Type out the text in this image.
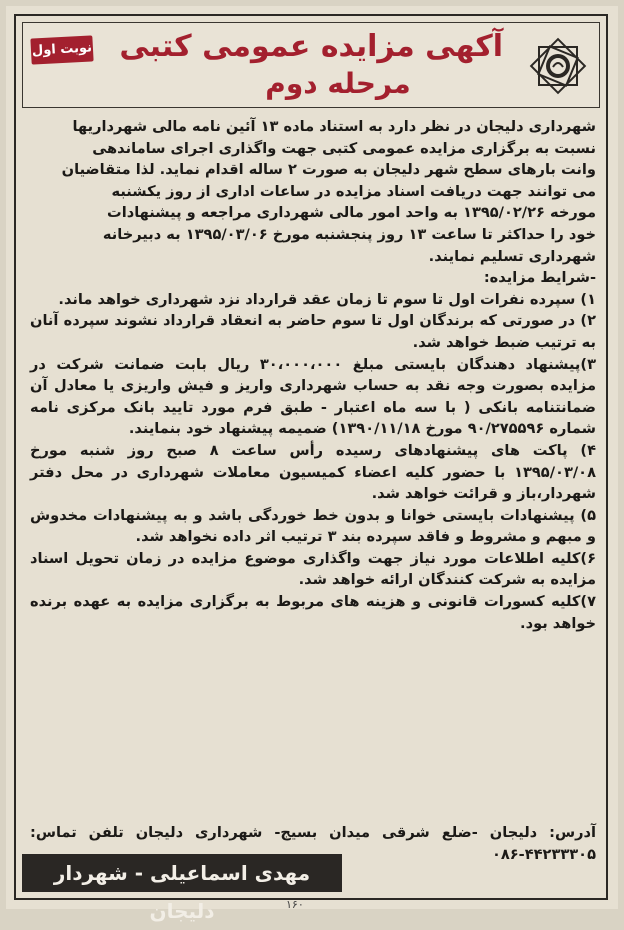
نوبت اول آکهی مزایده عمومی کتبی
مرحله دوم

شهرداری دلیجان در نظر دارد به استناد ماده ۱۳ آئین نامه مالی شهرداریها

نسبت به برگزاری مزایده عمومی کتبی جهت واگذاری اجرای ساماندهی

وانت بارهای سطح شهر دلیجان به صورت ۲ ساله اقدام نماید. لذا متقاضیان

می توانند جهت دریافت اسناد مزایده در ساعات اداری از روز یکشنبه

مورخه ۱۳۹۵/۰۲/۲۶ به واحد امور مالی شهرداری مراجعه و پیشنهادات

خود را حداکثر تا ساعت ۱۳ روز پنجشنبه مورخ ۱۳۹۵/۰۳/۰۶ به دبیرخانه

شهرداری تسلیم نمایند.

-شرایط مزایده:

۱) سپرده نفرات اول تا سوم تا زمان عقد قرارداد نزد شهرداری خواهد ماند.

۲) در صورتی که برندگان اول تا سوم حاضر به انعقاد قرارداد نشوند سپرده آنان به ترتیب ضبط خواهد شد.

۳)پیشنهاد دهندگان بایستی مبلغ ۳۰،۰۰۰،۰۰۰ ریال بابت ضمانت شرکت در مزایده بصورت وجه نقد به حساب شهرداری واریز و فیش واریزی یا معادل آن ضمانتنامه بانکی ( با سه ماه اعتبار - طبق فرم مورد تایید بانک مرکزی نامه شماره ۹۰/۲۷۵۵۹۶ مورخ ۱۳۹۰/۱۱/۱۸) ضمیمه پیشنهاد خود بنمایند.

۴) پاکت های پیشنهادهای رسیده رأس ساعت ۸ صبح روز شنبه مورخ ۱۳۹۵/۰۳/۰۸ با حضور کلیه اعضاء کمیسیون معاملات شهرداری در محل دفتر شهردار،باز و قرائت خواهد شد.

۵) پیشنهادات بایستی خوانا و بدون خط خوردگی باشد و به پیشنهادات مخدوش و مبهم و مشروط و فاقد سپرده بند ۳ ترتیب اثر داده نخواهد شد.

۶)کلیه اطلاعات مورد نیاز جهت واگذاری موضوع مزایده در زمان تحویل اسناد مزایده به شرکت کنندگان ارائه خواهد شد.

۷)کلیه کسورات قانونی و هزینه های مربوط به برگزاری مزایده به عهده برنده خواهد بود.

آدرس: دلیجان -ضلع شرقی میدان بسیج- شهرداری دلیجان تلفن تماس: ۰۸۶-۴۴۲۳۳۳۰۵
مهدی اسماعیلی - شهردار دلیجان	۱۶۰
